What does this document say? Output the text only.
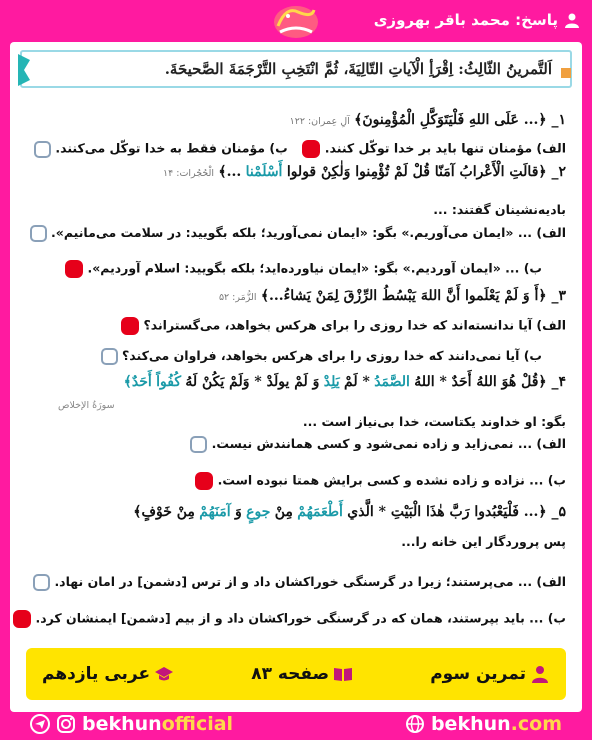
پاسخ: محمد باقر بهروزی
اَلتَّمرينُ الثّالِثُ: اِقْرَأِ الْآياتِ التّالِيَةَ، ثُمَّ انْتَخِبِ التَّرْجَمَةَ الصَّحيحَةَ.
۱_ ﴿... عَلَى اللهِ فَلْيَتَوَكَّلِ الْمُؤْمِنونَ﴾ آلِ عِمران: ۱۲۲
الف) مؤمنان تنها باید بر خدا توکّل کنند.   ب) مؤمنان فقط به خدا توکّل می‌کنند.
۲_ ﴿قالَتِ الْأَعْرابُ آمَنّا قُلْ لَمْ تُؤْمِنوا وَلٰكِنْ قولوا أَسْلَمْنا ...﴾ الْحُجُرات: ۱۴
بادیه‌نشینان گفتند: ...
الف) ... «ایمان می‌آوریم.» بگو: «ایمان نمی‌آورید؛ بلکه بگویید: در سلامت می‌مانیم».
ب) ... «ایمان آوردیم.» بگو: «ایمان نیاورده‌اید؛ بلکه بگویید: اسلام آوردیم».
۳_ ﴿أَ وَ لَمْ يَعْلَموا أَنَّ اللهَ يَبْسُطُ الرِّزْقَ لِمَنْ يَشاءُ...﴾ الزُّمَر: ۵۲
الف) آیا ندانسته‌اند که خدا روزی را برای هرکس بخواهد، می‌گستراند؟
ب) آیا نمی‌دانند که خدا روزی را برای هرکس بخواهد، فراوان می‌کند؟
۴_ ﴿قُلْ هُوَ اللهُ أَحَدٌ * اللهُ الصَّمَدُ * لَمْ يَلِدْ وَ لَمْ يولَدْ * وَلَمْ يَكُنْ لَهُ كُفُواً أَحَدٌ﴾
سورَةُ الإخلاص
بگو: او خداوند یکتاست، خدا بی‌نیاز است ...
الف) ... نمی‌زاید و زاده نمی‌شود و کسی همانندش نیست.
ب) ... نزاده و زاده نشده و کسی برایش همتا نبوده است.
۵_ ﴿... فَلْيَعْبُدوا رَبَّ هٰذَا الْبَيْتِ * الَّذي أَطْعَمَهُمْ مِنْ جوعٍ وَ آمَنَهُمْ مِنْ خَوْفٍ﴾
پس پروردگار این خانه را...
الف) ... می‌پرستند؛ زیرا در گرسنگی خوراکشان داد و از ترس [دشمن] در امان نهاد.
ب) ... باید بپرستند، همان که در گرسنگی خوراکشان داد و از بیم [دشمن] ایمنشان کرد.
تمرین سوم
صفحه ۸۳
عربی یازدهم
bekhun official	bekhun .com
